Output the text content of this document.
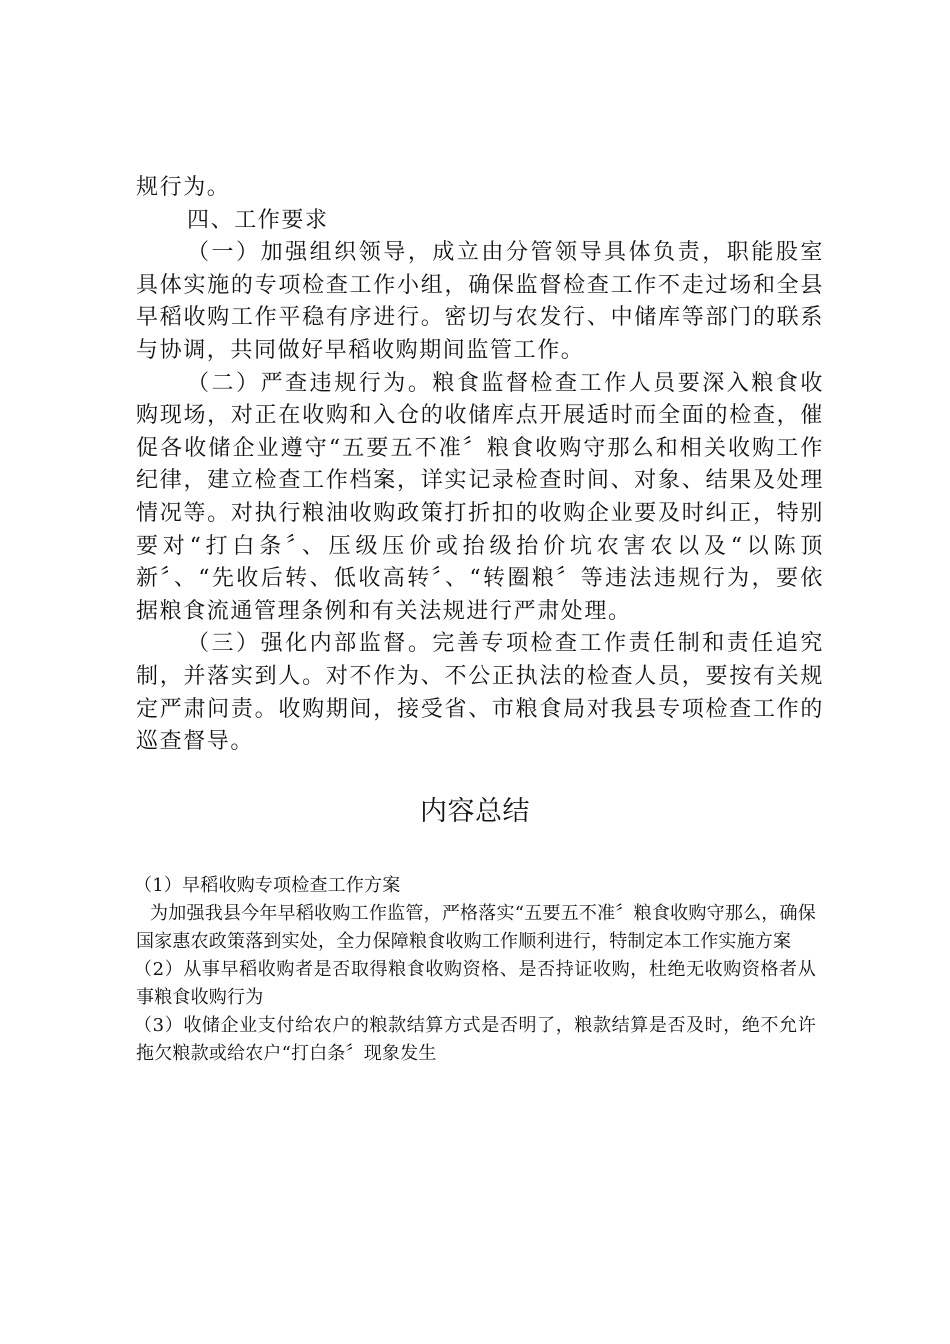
规行为。

四、工作要求

（一）加强组织领导，成立由分管领导具体负责，职能股室具体实施的专项检查工作小组，确保监督检查工作不走过场和全县早稻收购工作平稳有序进行。密切与农发行、中储库等部门的联系与协调，共同做好早稻收购期间监管工作。

（二）严查违规行为。粮食监督检查工作人员要深入粮食收购现场，对正在收购和入仓的收储库点开展适时而全面的检查，催促各收储企业遵守“五要五不准〞粮食收购守那么和相关收购工作纪律，建立检查工作档案，详实记录检查时间、对象、结果及处理情况等。对执行粮油收购政策打折扣的收购企业要及时纠正，特别要对“打白条〞、压级压价或抬级抬价坑农害农以及“以陈顶新〞、“先收后转、低收高转〞、“转圈粮〞等违法违规行为，要依据粮食流通管理条例和有关法规进行严肃处理。

（三）强化内部监督。完善专项检查工作责任制和责任追究制，并落实到人。对不作为、不公正执法的检查人员，要按有关规定严肃问责。收购期间，接受省、市粮食局对我县专项检查工作的巡查督导。

内容总结

（1）早稻收购专项检查工作方案

为加强我县今年早稻收购工作监管，严格落实“五要五不准〞粮食收购守那么，确保国家惠农政策落到实处，全力保障粮食收购工作顺利进行，特制定本工作实施方案

（2）从事早稻收购者是否取得粮食收购资格、是否持证收购，杜绝无收购资格者从事粮食收购行为

（3）收储企业支付给农户的粮款结算方式是否明了，粮款结算是否及时，绝不允许拖欠粮款或给农户“打白条〞现象发生
